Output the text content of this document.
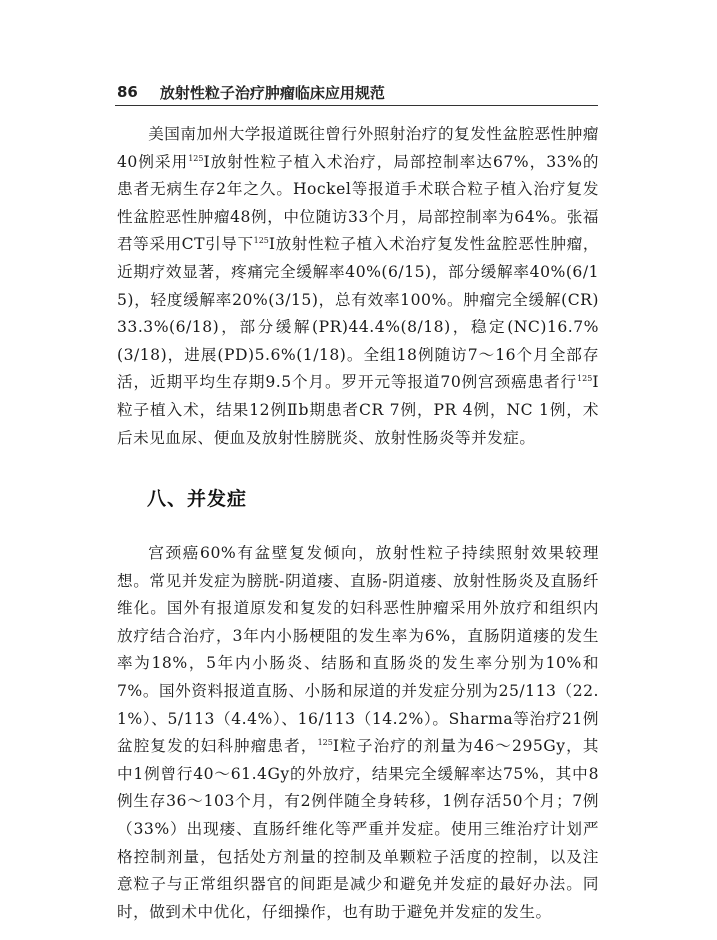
86 放射性粒子治疗肿瘤临床应用规范

美国南加州大学报道既往曾行外照射治疗的复发性盆腔恶性肿瘤40例采用$^{125}$I放射性粒子植入术治疗，局部控制率达67%，33%的患者无病生存2年之久。Hockel等报道手术联合粒子植入治疗复发性盆腔恶性肿瘤48例，中位随访33个月，局部控制率为64%。张福君等采用CT引导下$^{125}$I放射性粒子植入术治疗复发性盆腔恶性肿瘤，近期疗效显著，疼痛完全缓解率40%(6/15)，部分缓解率40%(6/15)，轻度缓解率20%(3/15)，总有效率100%。肿瘤完全缓解(CR)33.3%(6/18)，部分缓解(PR)44.4%(8/18)，稳定(NC)16.7%(3/18)，进展(PD)5.6%(1/18)。全组18例随访7～16个月全部存活，近期平均生存期9.5个月。罗开元等报道70例宫颈癌患者行$^{125}$I粒子植入术，结果12例Ⅱb期患者CR 7例，PR 4例，NC 1例，术后未见血尿、便血及放射性膀胱炎、放射性肠炎等并发症。

八、并发症

宫颈癌60%有盆壁复发倾向，放射性粒子持续照射效果较理想。常见并发症为膀胱-阴道瘘、直肠-阴道瘘、放射性肠炎及直肠纤维化。国外有报道原发和复发的妇科恶性肿瘤采用外放疗和组织内放疗结合治疗，3年内小肠梗阻的发生率为6%，直肠阴道瘘的发生率为18%，5年内小肠炎、结肠和直肠炎的发生率分别为10%和7%。国外资料报道直肠、小肠和尿道的并发症分别为25/113（22.1%）、5/113（4.4%）、16/113（14.2%）。Sharma等治疗21例盆腔复发的妇科肿瘤患者，$^{125}$I粒子治疗的剂量为46～295Gy，其中1例曾行40～61.4Gy的外放疗，结果完全缓解率达75%，其中8例生存36～103个月，有2例伴随全身转移，1例存活50个月；7例（33%）出现瘘、直肠纤维化等严重并发症。使用三维治疗计划严格控制剂量，包括处方剂量的控制及单颗粒子活度的控制，以及注意粒子与正常组织器官的间距是减少和避免并发症的最好办法。同时，做到术中优化，仔细操作，也有助于避免并发症的发生。
